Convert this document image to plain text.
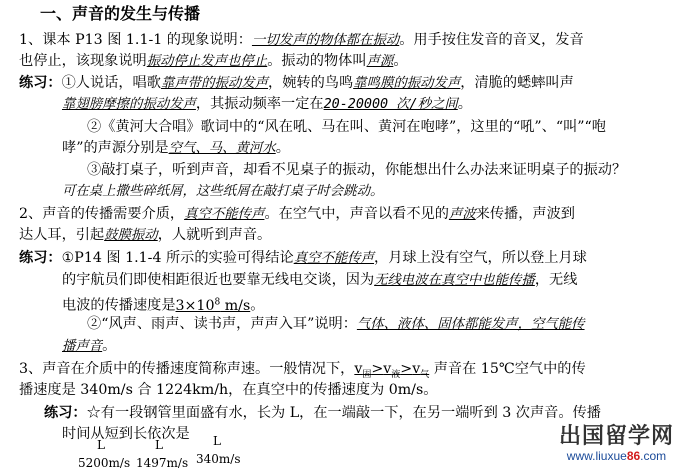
一、声音的发生与传播
1、课本 P13 图 1.1-1 的现象说明：一切发声的物体都在振动。用手按住发音的音叉，发音
也停止，该现象说明振动停止发声也停止。振动的物体叫声源。
练习：①人说话，唱歌靠声带的振动发声，婉转的鸟鸣靠鸣膜的振动发声，清脆的蟋蟀叫声
靠翅膀摩擦的振动发声，其振动频率一定在20-20000 次/秒之间。
②《黄河大合唱》歌词中的“风在吼、马在叫、黄河在咆哮”，这里的“吼”、“叫”“咆
哮”的声源分别是空气、马、黄河水。
③敲打桌子，听到声音，却看不见桌子的振动，你能想出什么办法来证明桌子的振动？
可在桌上撒些碎纸屑，这些纸屑在敲打桌子时会跳动。
2、声音的传播需要介质，真空不能传声。在空气中，声音以看不见的声波来传播，声波到
达人耳，引起鼓膜振动，人就听到声音。
练习：①P14 图 1.1-4 所示的实验可得结论真空不能传声，月球上没有空气，所以登上月球
的宇航员们即使相距很近也要靠无线电交谈，因为无线电波在真空中也能传播，无线
电波的传播速度是$3\times 10^8$ m/s。
②“风声、雨声、读书声，声声入耳”说明：气体、液体、固体都能发声，空气能传
播声音。
3、声音在介质中的传播速度简称声速。一般情况下，$v_固>v_液>v_气$ 声音在 15℃空气中的传
播速度是 340m/s 合 1224km/h，在真空中的传播速度为 0m/s。
练习：☆有一段钢管里面盛有水，长为 L，在一端敲一下，在另一端听到 3 次声音。传播
时间从短到长依次是
L
5200m/s
L
1497m/s
L
340m/s
出国留学网
www.liuxue86.com
